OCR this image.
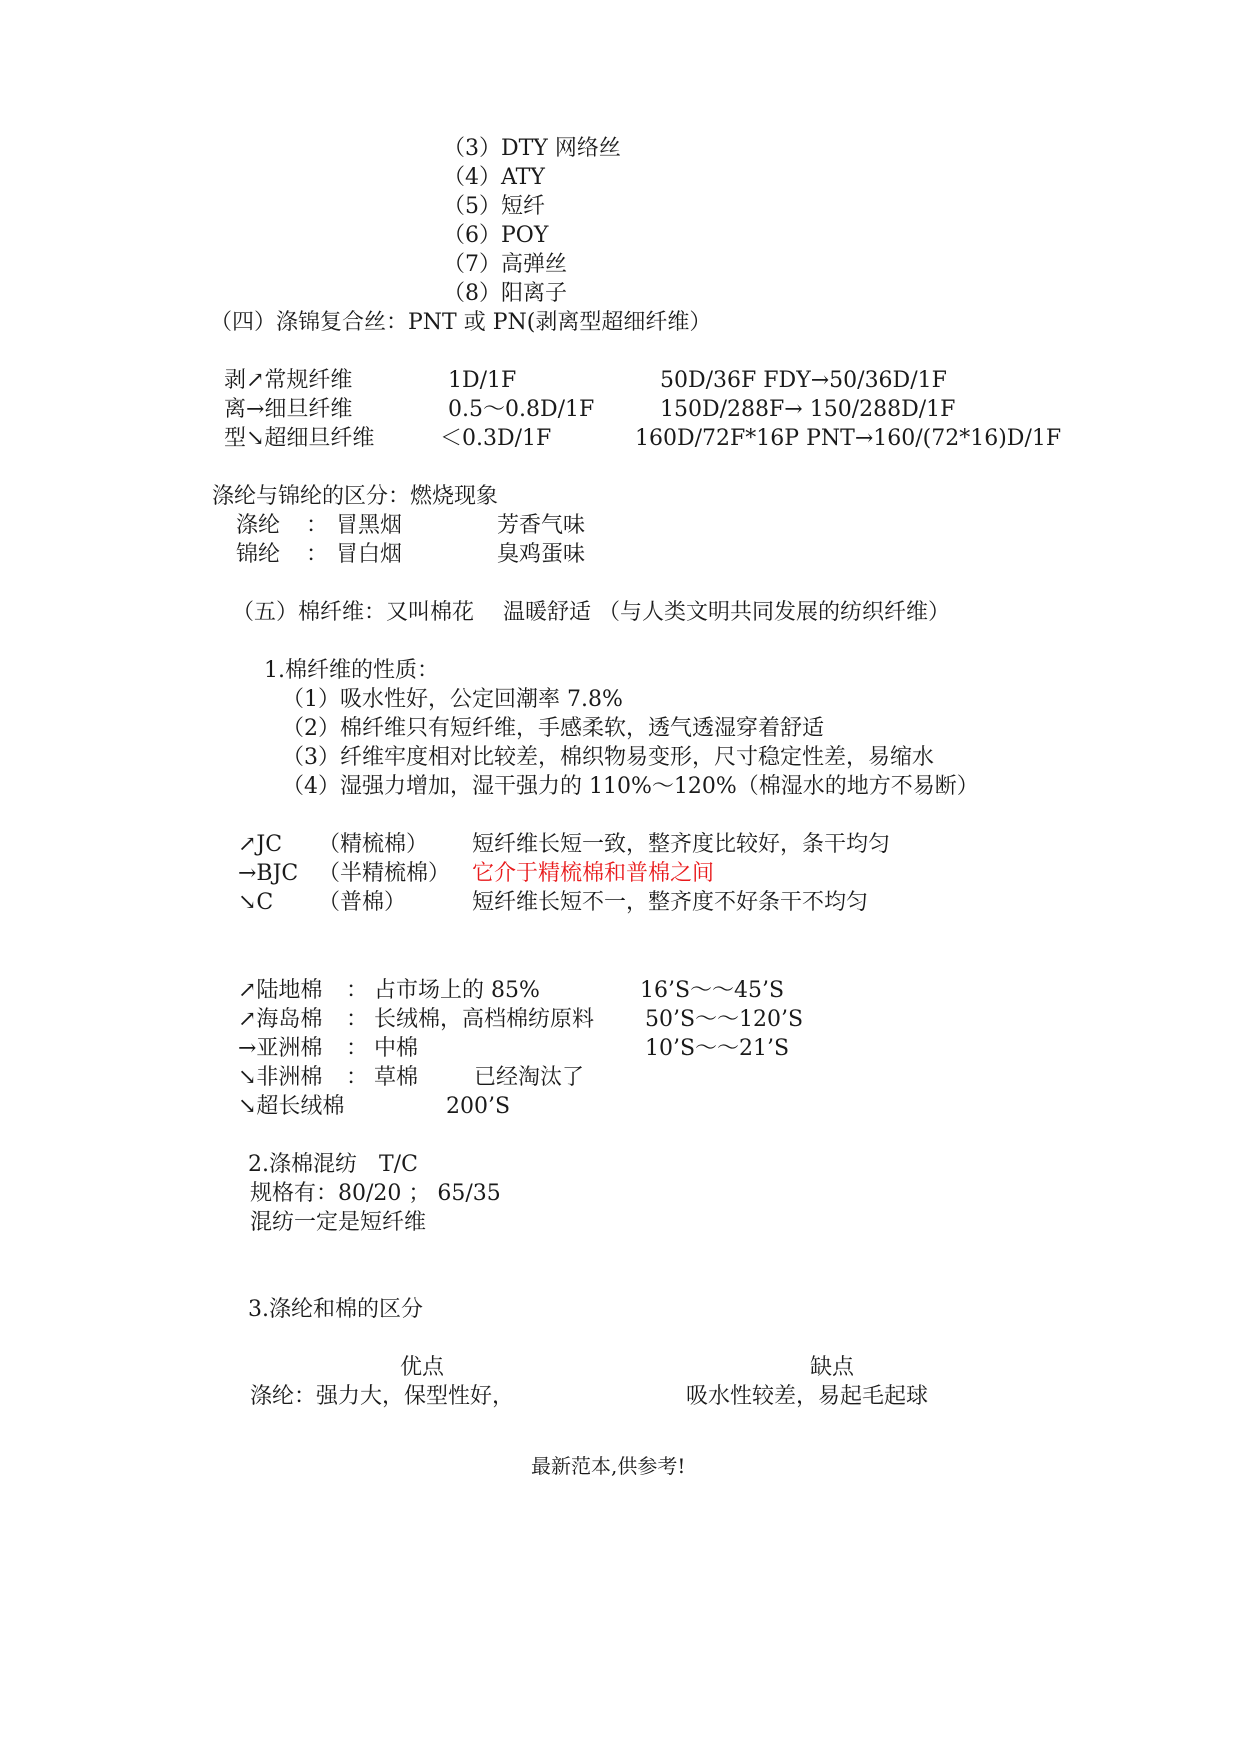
（3）DTY 网络丝
（4）ATY
（5）短纤
（6）POY
（7）高弹丝
（8）阳离子
（四）涤锦复合丝：PNT 或 PN(剥离型超细纤维）
剥↗常规纤维	1D/1F	50D/36F FDY→50/36D/1F
离→细旦纤维	0.5～0.8D/1F	150D/288F→ 150/288D/1F
型↘超细旦纤维	＜0.3D/1F	160D/72F*16P PNT→160/(72*16)D/1F
涤纶与锦纶的区分：燃烧现象
涤纶 ： 冒黑烟	芳香气味
锦纶 ： 冒白烟	臭鸡蛋味
（五）棉纤维：又叫棉花　 温暖舒适 （与人类文明共同发展的纺织纤维）
1.棉纤维的性质：
（1）吸水性好，公定回潮率 7.8%
（2）棉纤维只有短纤维，手感柔软，透气透湿穿着舒适
（3）纤维牢度相对比较差，棉织物易变形，尺寸稳定性差，易缩水
（4）湿强力增加，湿干强力的 110%～120%（棉湿水的地方不易断）
↗JC （精梳棉） 短纤维长短一致，整齐度比较好，条干均匀
→BJC （半精梳棉） 它介于精梳棉和普棉之间
↘C （普棉）	短纤维长短不一，整齐度不好条干不均匀
↗陆地棉 ： 占市场上的 85%	16’S～～45’S
↗海岛棉 ： 长绒棉，高档棉纺原料 50’S～～120’S
→亚洲棉 ： 中棉	10’S～～21’S
↘非洲棉 ： 草棉	已经淘汰了
↘超长绒棉	200’S
2.涤棉混纺　T/C
规格有：80/20 ； 65/35
混纺一定是短纤维
3.涤纶和棉的区分
优点	缺点
涤纶：强力大，保型性好，	吸水性较差，易起毛起球
最新范本,供参考!
